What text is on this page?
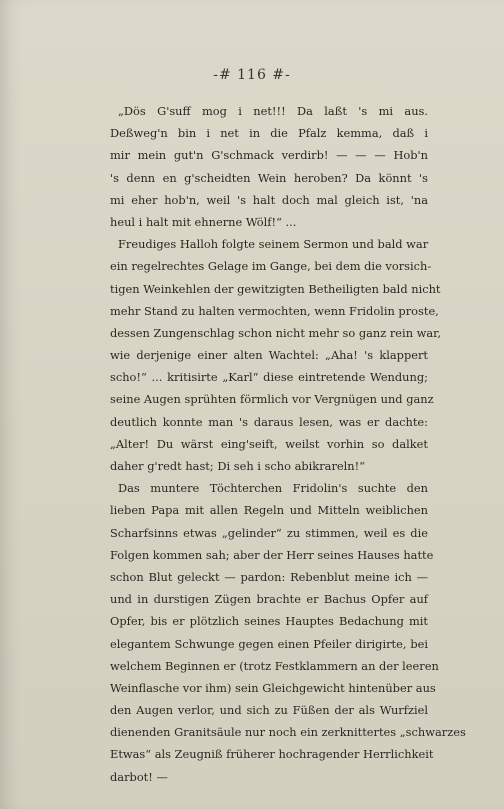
-# 116 #-
„Dös G'suff mog i net!!! Da laßt 's mi aus.
Deßweg'n bin i net in die Pfalz kemma, daß i
mir mein gut'n G'schmack verdirb! — — — Hob'n
's denn en g'scheidten Wein heroben? Da könnt 's
mi eher hob'n, weil 's halt doch mal gleich ist, 'na
heul i halt mit ehnerne Wölf!“ ...
Freudiges Halloh folgte seinem Sermon und bald war
ein regelrechtes Gelage im Gange, bei dem die vorsich-
tigen Weinkehlen der gewitzigten Betheiligten bald nicht
mehr Stand zu halten vermochten, wenn Fridolin proste,
dessen Zungenschlag schon nicht mehr so ganz rein war,
wie derjenige einer alten Wachtel: „Aha! 's klappert
scho!“ ... kritisirte „Karl“ diese eintretende Wendung;
seine Augen sprühten förmlich vor Vergnügen und ganz
deutlich konnte man 's daraus lesen, was er dachte:
„Alter! Du wärst eing'seift, weilst vorhin so dalket
daher g'redt hast; Di seh i scho abikrareln!“
Das muntere Töchterchen Fridolin's suchte den
lieben Papa mit allen Regeln und Mitteln weiblichen
Scharfsinns etwas „gelinder“ zu stimmen, weil es die
Folgen kommen sah; aber der Herr seines Hauses hatte
schon Blut geleckt — pardon: Rebenblut meine ich —
und in durstigen Zügen brachte er Bachus Opfer auf
Opfer, bis er plötzlich seines Hauptes Bedachung mit
elegantem Schwunge gegen einen Pfeiler dirigirte, bei
welchem Beginnen er (trotz Festklammern an der leeren
Weinflasche vor ihm) sein Gleichgewicht hintenüber aus
den Augen verlor, und sich zu Füßen der als Wurfziel
dienenden Granitsäule nur noch ein zerknittertes „schwarzes
Etwas“ als Zeugniß früherer hochragender Herrlichkeit
darbot! —
